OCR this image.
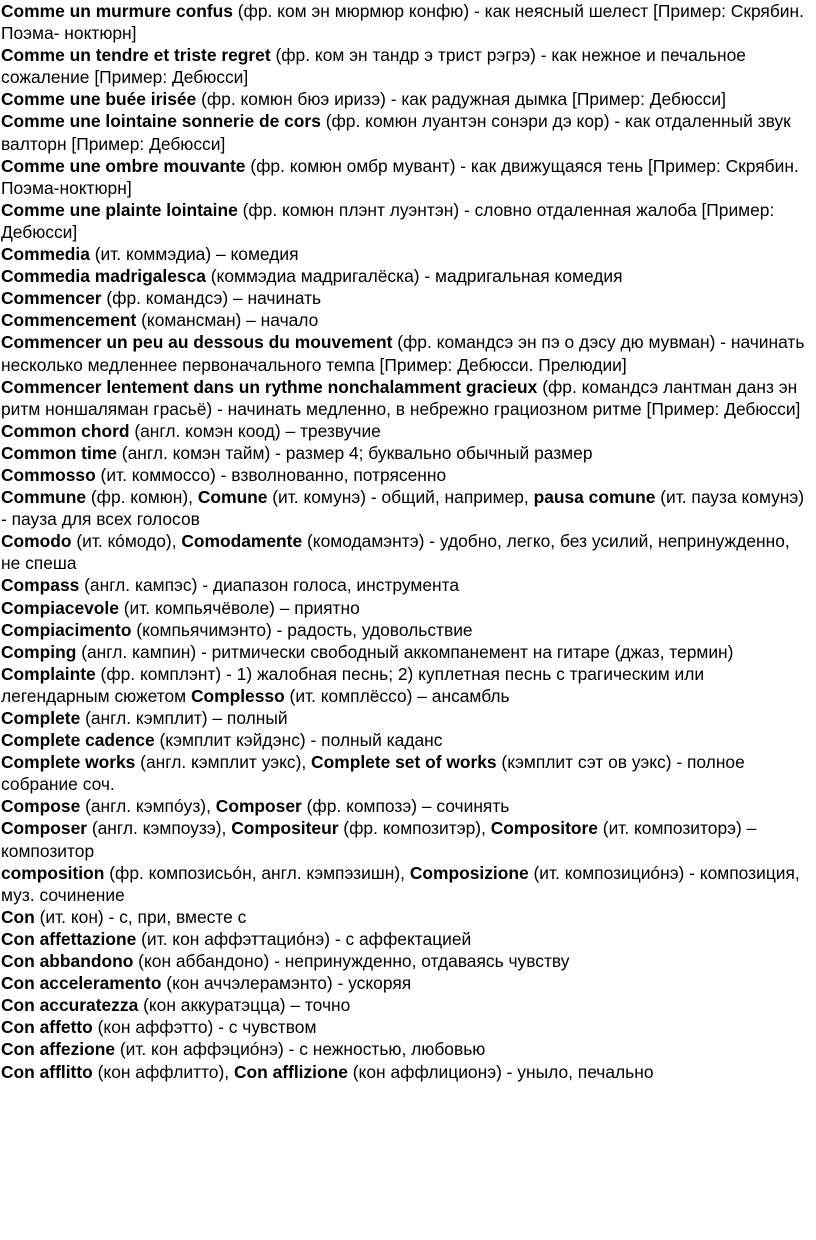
Comme un murmure confus (фр. ком эн мюрмюр конфю) - как неясный шелест [Пример: Скрябин. Поэма- ноктюрн]

Comme un tendre et triste regret (фр. ком эн тандр э трист рэгрэ) - как нежное и печальное сожаление [Пример: Дебюсси]

Comme une buée irisée (фр. комюн бюэ иризэ) - как радужная дымка [Пример: Дебюсси]

Comme une lointaine sonnerie de cors (фр. комюн луантэн сонэри дэ кор) - как отдаленный звук валторн [Пример: Дебюсси]

Comme une ombre mouvante (фр. комюн омбр мувант) - как движущаяся тень [Пример: Скрябин. Поэма-ноктюрн]

Comme une plainte lointaine (фр. комюн плэнт луэнтэн) - словно отдаленная жалоба [Пример: Дебюсси]

Commedia (ит. коммэдиа) – комедия

Commedia madrigalesca (коммэдиа мадригалёска) - мадригальная комедия

Commencer (фр. командсэ) – начинать

Commencement (комансман) – начало

Commencer un peu au dessous du mouvement (фр. командсэ эн пэ о дэсу дю мувман) - начинать несколько медленнее первоначального темпа [Пример: Дебюсси. Прелюдии]

Commencer lentement dans un rythme nonchalamment gracieux (фр. командсэ лантман данз эн ритм ноншаляман грасьё) - начинать медленно, в небрежно грациозном ритме [Пример: Дебюсси]

Common chord (англ. комэн коод) – трезвучие

Common time (англ. комэн тайм) - размер 4; буквально обычный размер

Commosso (ит. коммоссо) - взволнованно, потрясенно

Commune (фр. комюн), Comune (ит. комунэ) - общий, например, pausa comune (ит. пауза комунэ) - пауза для всех голосов

Comodo (ит. кóмодо), Comodamente (комодамэнтэ) - удобно, легко, без усилий, непринужденно, не спеша

Compass (англ. кампэс) - диапазон голоса, инструмента

Compiacevole (ит. компьячёволе) – приятно

Compiacimento (компьячимэнто) - радость, удовольствие

Comping (англ. кампин) - ритмически свободный аккомпанемент на гитаре (джаз, термин)

Complainte (фр. комплэнт) - 1) жалобная песнь; 2) куплетная песнь с трагическим или легендарным сюжетом Complesso (ит. комплёссо) – ансамбль

Complete (англ. кэмплит) – полный

Complete cadence (кэмплит кэйдэнс) - полный каданс

Complete works (англ. кэмплит уэкс), Complete set of works (кэмплит сэт ов уэкс) - полное собрание соч.

Compose (англ. кэмпóуз), Composer (фр. композэ) – сочинять

Composer (англ. кэмпоузэ), Compositeur (фр. композитэр), Compositore (ит. композиторэ) – композитор

composition (фр. композисьóн, англ. кэмпэзишн), Composizione (ит. композициóнэ) - композиция, муз. сочинение

Con (ит. кон) - с, при, вместе с

Con affettazione (ит. кон аффэттациóнэ) - с аффектацией

Con abbandono (кон аббандоно) - непринужденно, отдаваясь чувству

Con acceleramento (кон аччэлерамэнто) - ускоряя

Con accuratezza (кон аккуратэцца) – точно

Con affetto (кон аффэтто) - с чувством

Con affezione (ит. кон аффэциóнэ) - с нежностью, любовью

Con afflitto (кон аффлитто), Con afflizione (кон аффлиционэ) - уныло, печально
